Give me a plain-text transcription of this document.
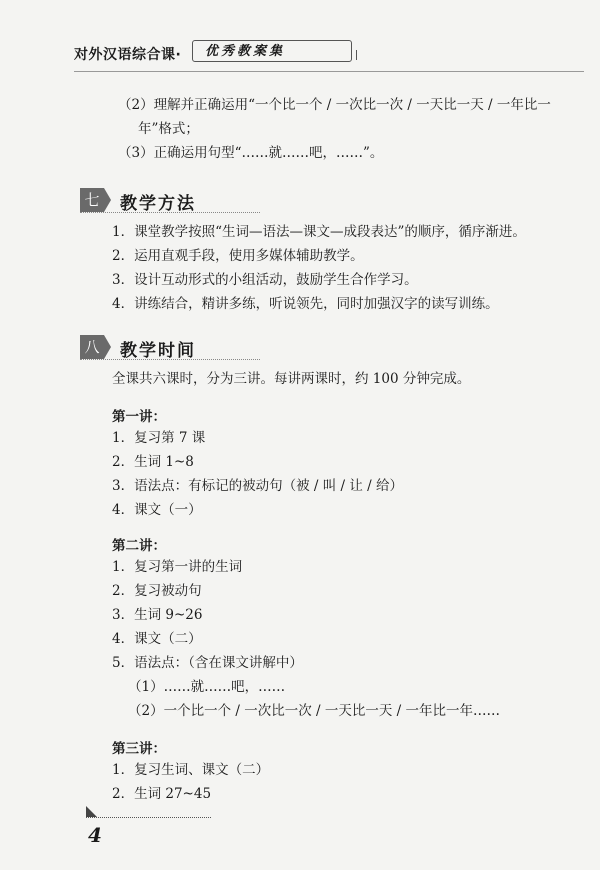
对外汉语综合课·	优秀教案集
（2）理解并正确运用“一个比一个 / 一次比一次 / 一天比一天 / 一年比一
年”格式；
（3）正确运用句型“……就……吧，……”。
七 教学方法
1．课堂教学按照“生词—语法—课文—成段表达”的顺序，循序渐进。
2．运用直观手段，使用多媒体辅助教学。
3．设计互动形式的小组活动，鼓励学生合作学习。
4．讲练结合，精讲多练，听说领先，同时加强汉字的读写训练。
八 教学时间
全课共六课时，分为三讲。每讲两课时，约 100 分钟完成。
第一讲：
1．复习第 7 课
2．生词 1~8
3．语法点：有标记的被动句（被 / 叫 / 让 / 给）
4．课文（一）
第二讲：
1．复习第一讲的生词
2．复习被动句
3．生词 9~26
4．课文（二）
5．语法点：（含在课文讲解中）
（1）……就……吧，……
（2）一个比一个 / 一次比一次 / 一天比一天 / 一年比一年……
第三讲：
1．复习生词、课文（二）
2．生词 27~45
4
